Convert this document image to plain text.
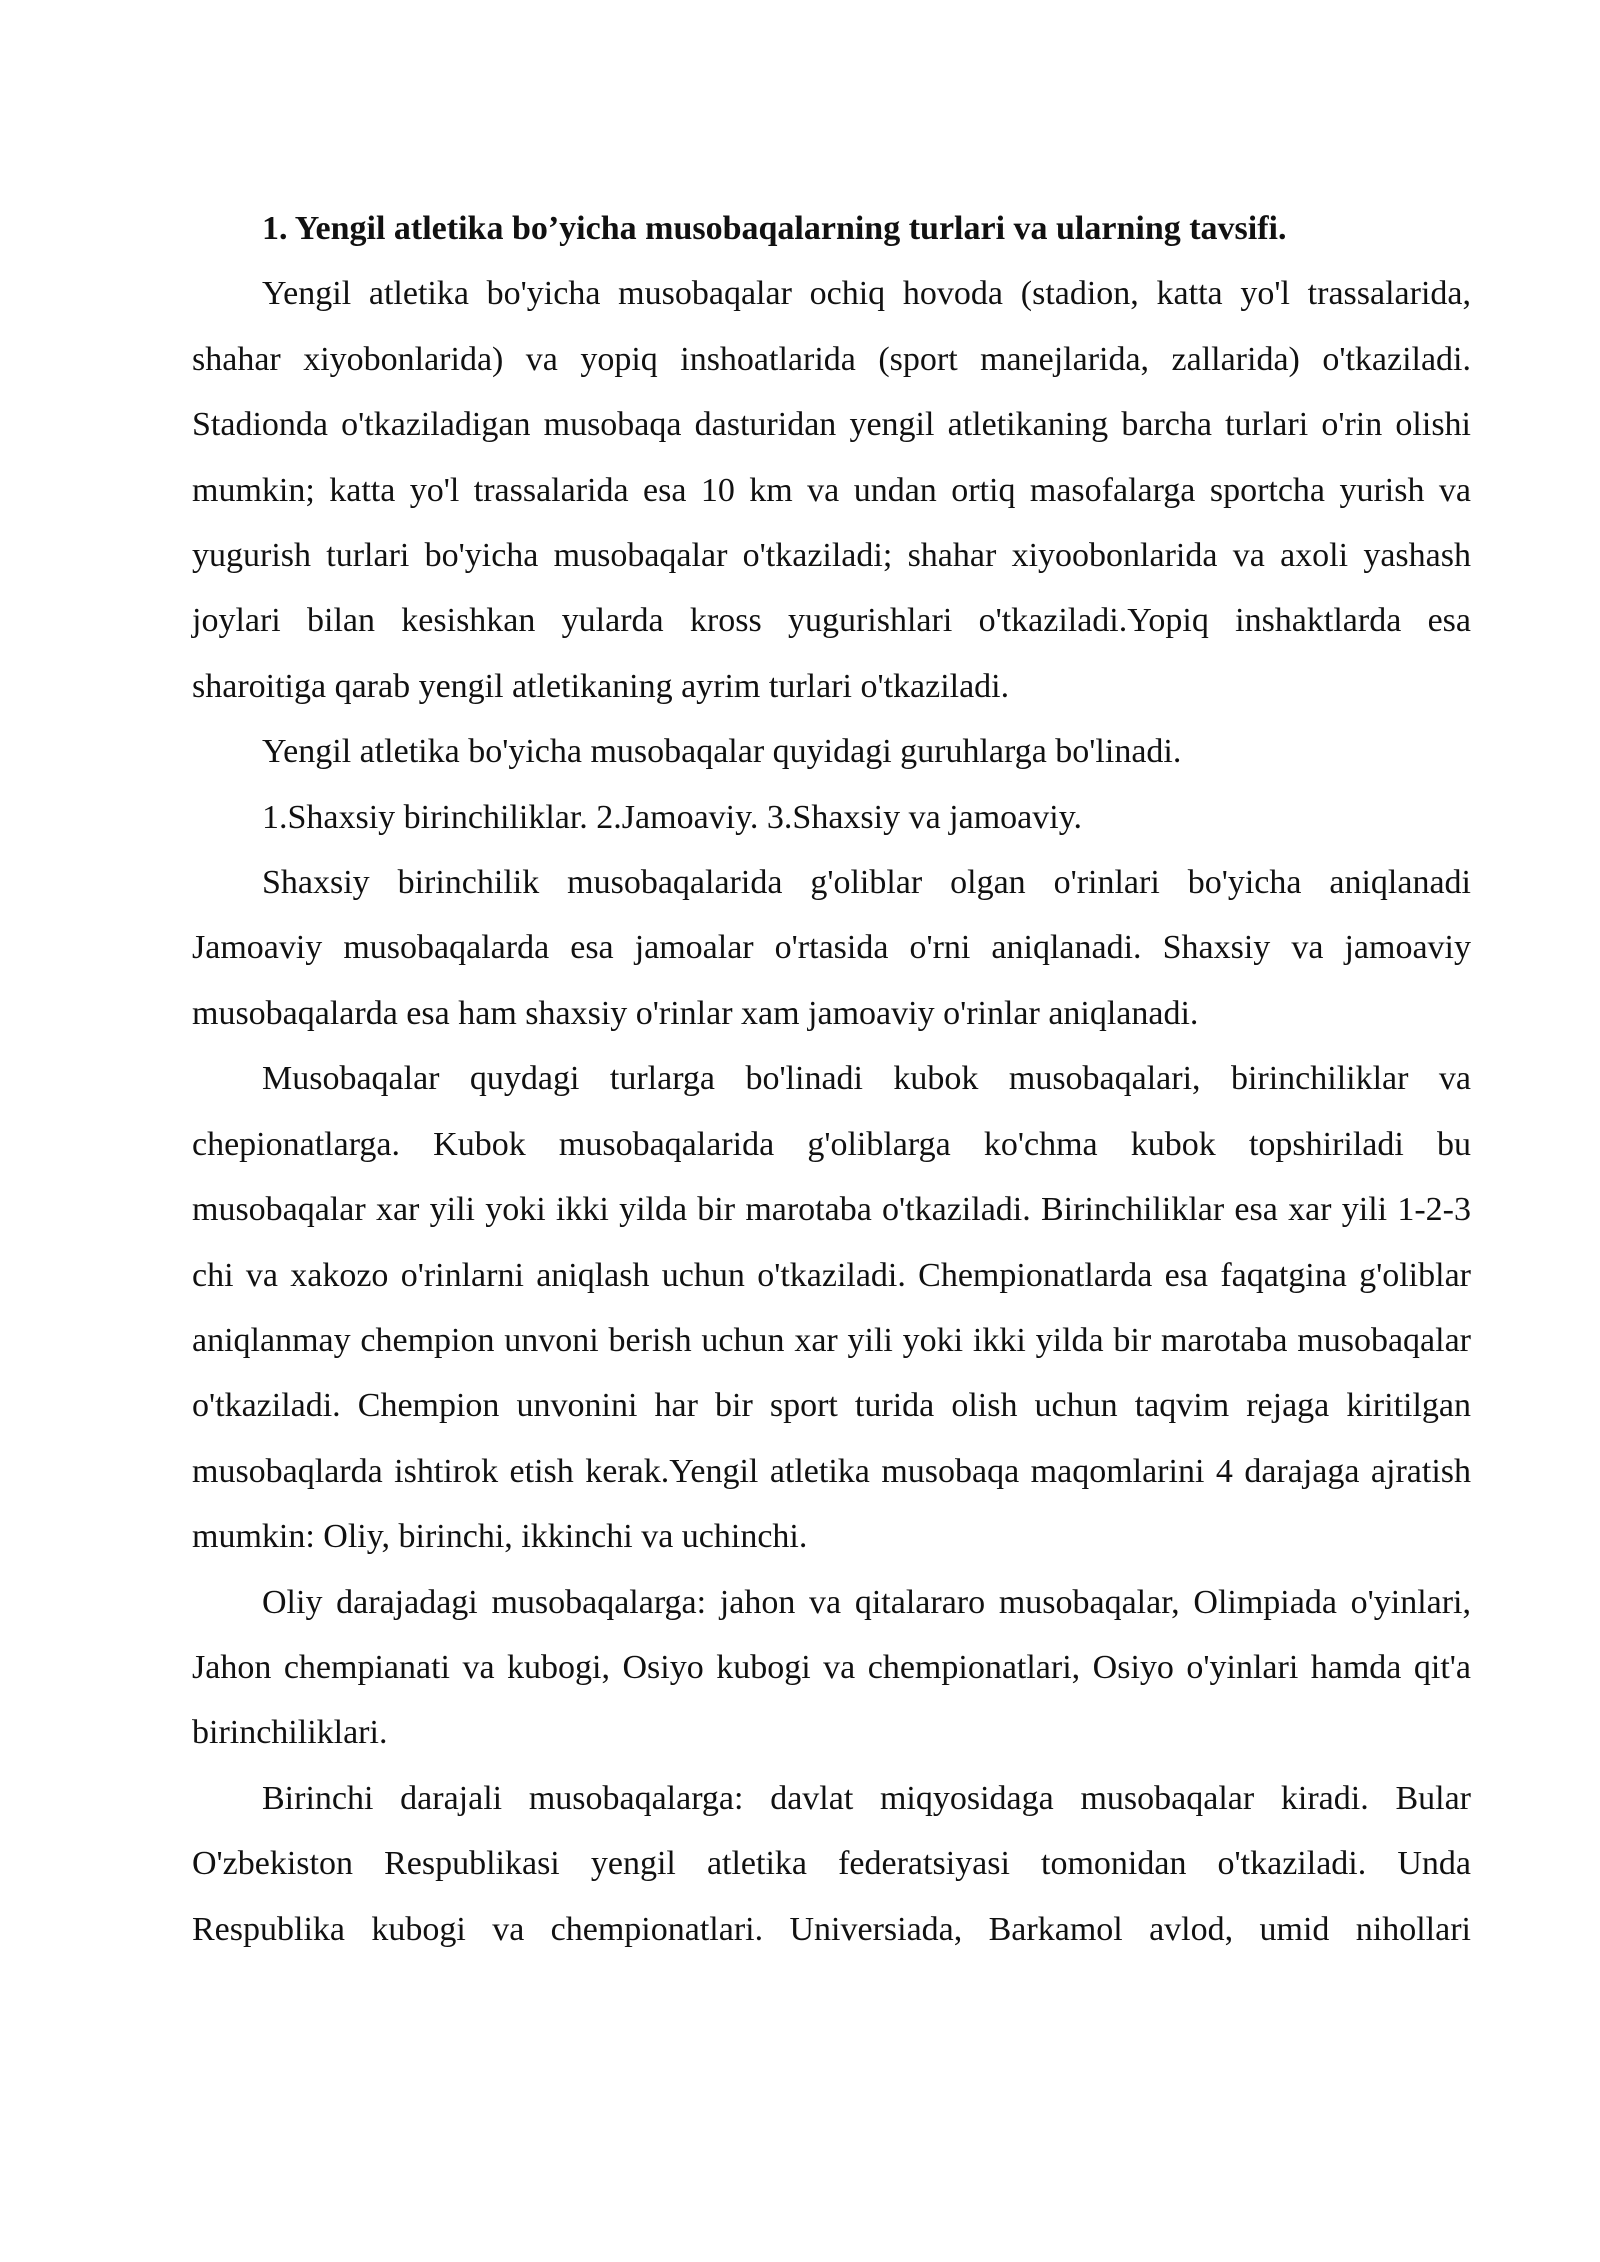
1. Yengil atletika bo’yicha musobaqalarning turlari va ularning tavsifi.

Yengil atletika bo'yicha musobaqalar ochiq hovoda (stadion, katta yo'l trassalarida, shahar xiyobonlarida) va yopiq inshoatlarida (sport manejlarida, zallarida) o'tkaziladi. Stadionda o'tkaziladigan musobaqa dasturidan yengil atletikaning barcha turlari o'rin olishi mumkin; katta yo'l trassalarida esa 10 km va undan ortiq masofalarga sportcha yurish va yugurish turlari bo'yicha musobaqalar o'tkaziladi; shahar xiyoobonlarida va axoli yashash joylari bilan kesishkan yularda kross yugurishlari o'tkaziladi.Yopiq inshaktlarda esa sharoitiga qarab yengil atletikaning ayrim turlari o'tkaziladi.

Yengil atletika bo'yicha musobaqalar quyidagi guruhlarga bo'linadi.

1.Shaxsiy birinchiliklar. 2.Jamoaviy. 3.Shaxsiy va jamoaviy.

Shaxsiy birinchilik musobaqalarida g'oliblar olgan o'rinlari bo'yicha aniqlanadi Jamoaviy musobaqalarda esa jamoalar o'rtasida o'rni aniqlanadi. Shaxsiy va jamoaviy musobaqalarda esa ham shaxsiy o'rinlar xam jamoaviy o'rinlar aniqlanadi.

Musobaqalar quydagi turlarga bo'linadi kubok musobaqalari, birinchiliklar va chepionatlarga. Kubok musobaqalarida g'oliblarga ko'chma kubok topshiriladi bu musobaqalar xar yili yoki ikki yilda bir marotaba o'tkaziladi. Birinchiliklar esa xar yili 1-2-3 chi va xakozo o'rinlarni aniqlash uchun o'tkaziladi. Chempionatlarda esa faqatgina g'oliblar aniqlanmay chempion unvoni berish uchun xar yili yoki ikki yilda bir marotaba musobaqalar o'tkaziladi. Chempion unvonini har bir sport turida olish uchun taqvim rejaga kiritilgan musobaqlarda ishtirok etish kerak.Yengil atletika musobaqa maqomlarini 4 darajaga ajratish mumkin: Oliy, birinchi, ikkinchi va uchinchi.

Oliy darajadagi musobaqalarga: jahon va qitalararo musobaqalar, Olimpiada o'yinlari, Jahon chempianati va kubogi, Osiyo kubogi va chempionatlari, Osiyo o'yinlari hamda qit'a birinchiliklari.

Birinchi darajali musobaqalarga: davlat miqyosidaga musobaqalar kiradi. Bular O'zbekiston Respublikasi yengil atletika federatsiyasi tomonidan o'tkaziladi. Unda Respublika kubogi va chempionatlari. Universiada, Barkamol avlod, umid nihollari
